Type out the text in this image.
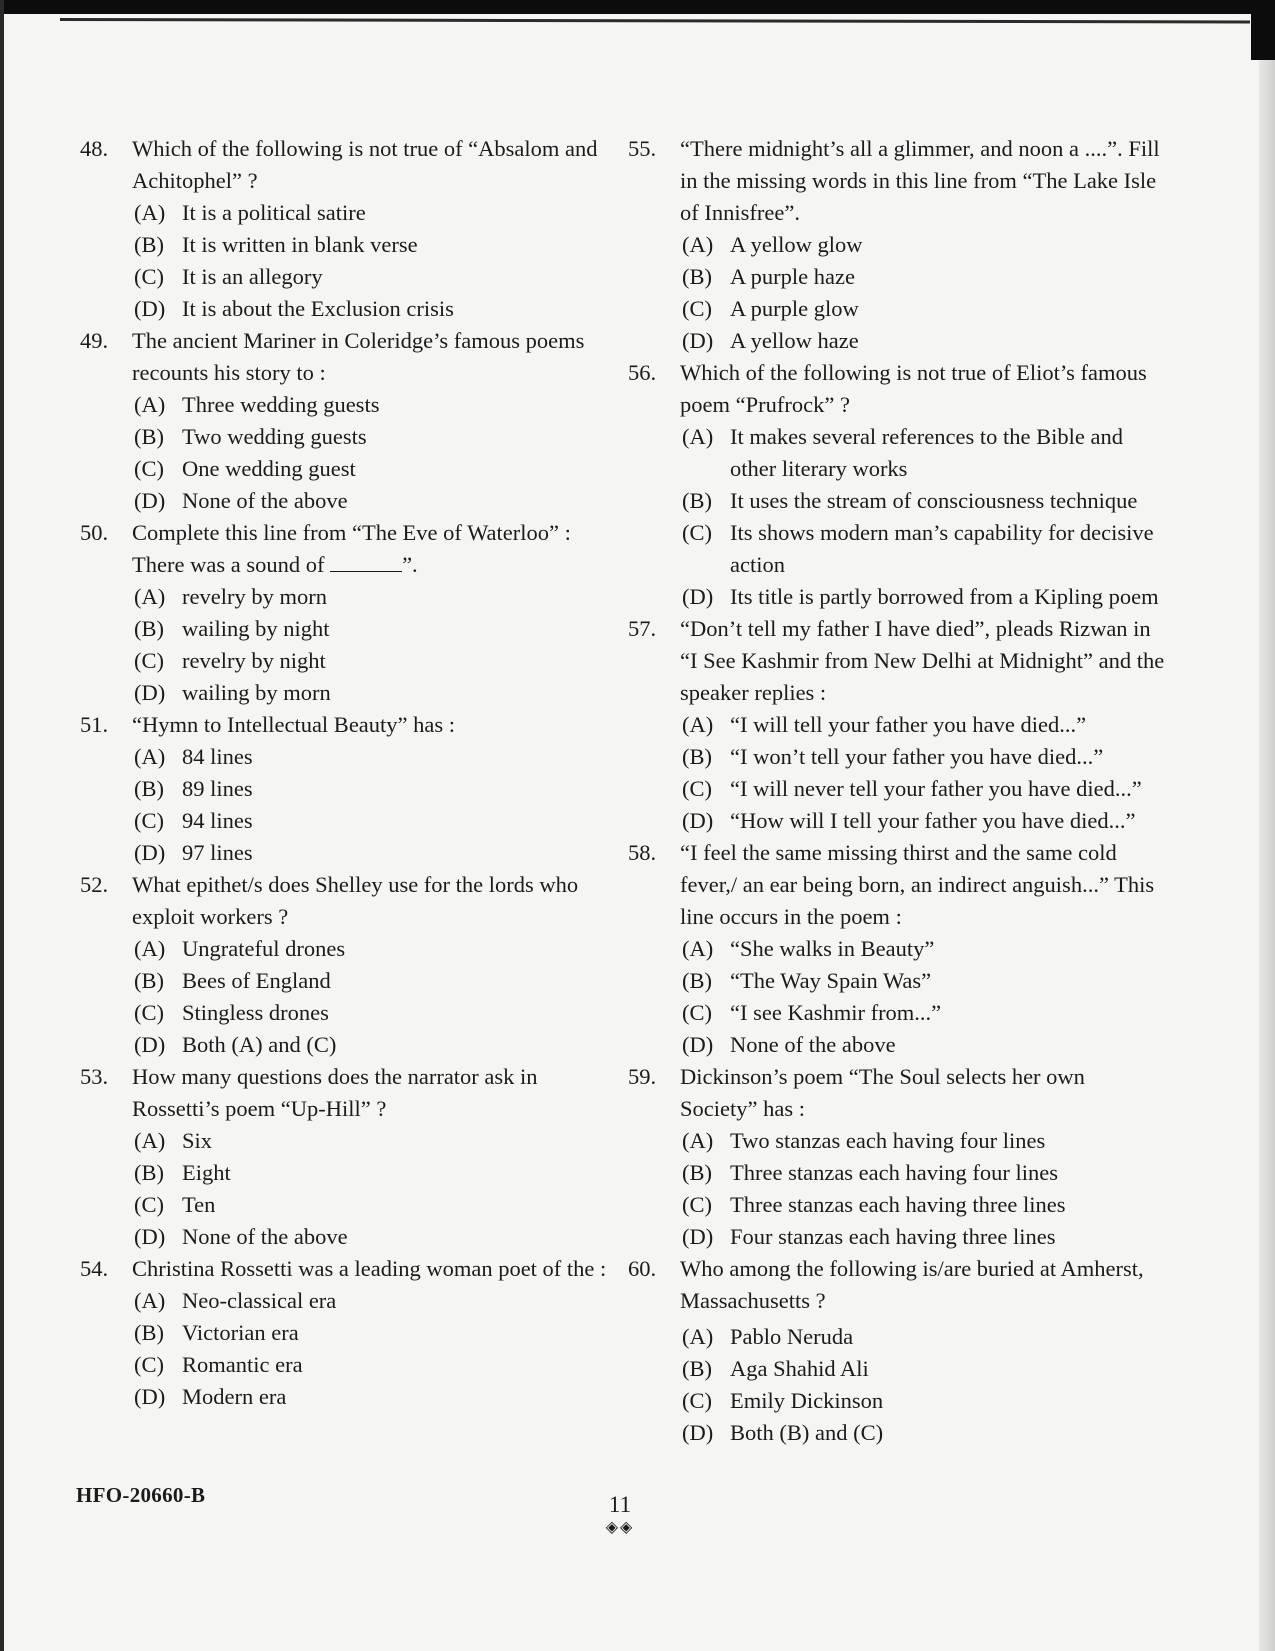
48. Which of the following is not true of “Absalom and Achitophel” ?
(A) It is a political satire
(B) It is written in blank verse
(C) It is an allegory
(D) It is about the Exclusion crisis
49. The ancient Mariner in Coleridge’s famous poems recounts his story to :
(A) Three wedding guests
(B) Two wedding guests
(C) One wedding guest
(D) None of the above
50. Complete this line from “The Eve of Waterloo” : There was a sound of	”.
(A) revelry by morn
(B) wailing by night
(C) revelry by night
(D) wailing by morn
51. “Hymn to Intellectual Beauty” has :
(A) 84 lines
(B) 89 lines
(C) 94 lines
(D) 97 lines
52. What epithet/s does Shelley use for the lords who exploit workers ?
(A) Ungrateful drones
(B) Bees of England
(C) Stingless drones
(D) Both (A) and (C)
53. How many questions does the narrator ask in Rossetti’s poem “Up-Hill” ?
(A) Six
(B) Eight
(C) Ten
(D) None of the above
54. Christina Rossetti was a leading woman poet of the :
(A) Neo-classical era
(B) Victorian era
(C) Romantic era
(D) Modern era
55. “There midnight’s all a glimmer, and noon a ....”. Fill in the missing words in this line from “The Lake Isle of Innisfree”.
(A) A yellow glow
(B) A purple haze
(C) A purple glow
(D) A yellow haze
56. Which of the following is not true of Eliot’s famous poem “Prufrock” ?
(A) It makes several references to the Bible and other literary works
(B) It uses the stream of consciousness technique
(C) Its shows modern man’s capability for decisive action
(D) Its title is partly borrowed from a Kipling poem
57. “Don’t tell my father I have died”, pleads Rizwan in “I See Kashmir from New Delhi at Midnight” and the speaker replies :
(A) “I will tell your father you have died...”
(B) “I won’t tell your father you have died...”
(C) “I will never tell your father you have died...”
(D) “How will I tell your father you have died...”
58. “I feel the same missing thirst and the same cold fever,/ an ear being born, an indirect anguish...” This line occurs in the poem :
(A) “She walks in Beauty”
(B) “The Way Spain Was”
(C) “I see Kashmir from...”
(D) None of the above
59. Dickinson’s poem “The Soul selects her own Society” has :
(A) Two stanzas each having four lines
(B) Three stanzas each having four lines
(C) Three stanzas each having three lines
(D) Four stanzas each having three lines
60. Who among the following is/are buried at Amherst, Massachusetts ?
(A) Pablo Neruda
(B) Aga Shahid Ali
(C) Emily Dickinson
(D) Both (B) and (C)
HFO-20660-B	11
◈◈
